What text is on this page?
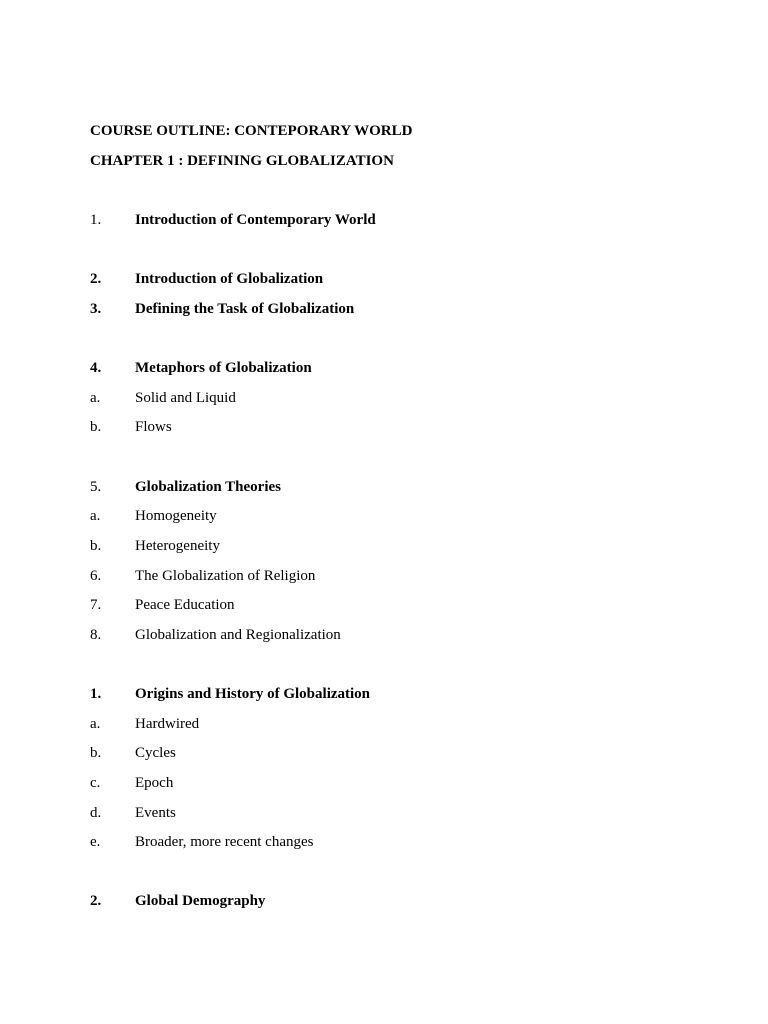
COURSE OUTLINE: CONTEPORARY WORLD
CHAPTER 1 : DEFINING GLOBALIZATION
1. Introduction of Contemporary World
2. Introduction of Globalization
3. Defining the Task of Globalization
4. Metaphors of Globalization
a. Solid and Liquid
b. Flows
5. Globalization Theories
a. Homogeneity
b. Heterogeneity
6. The Globalization of Religion
7. Peace Education
8. Globalization and Regionalization
1. Origins and History of Globalization
a. Hardwired
b. Cycles
c. Epoch
d. Events
e. Broader, more recent changes
2. Global Demography
